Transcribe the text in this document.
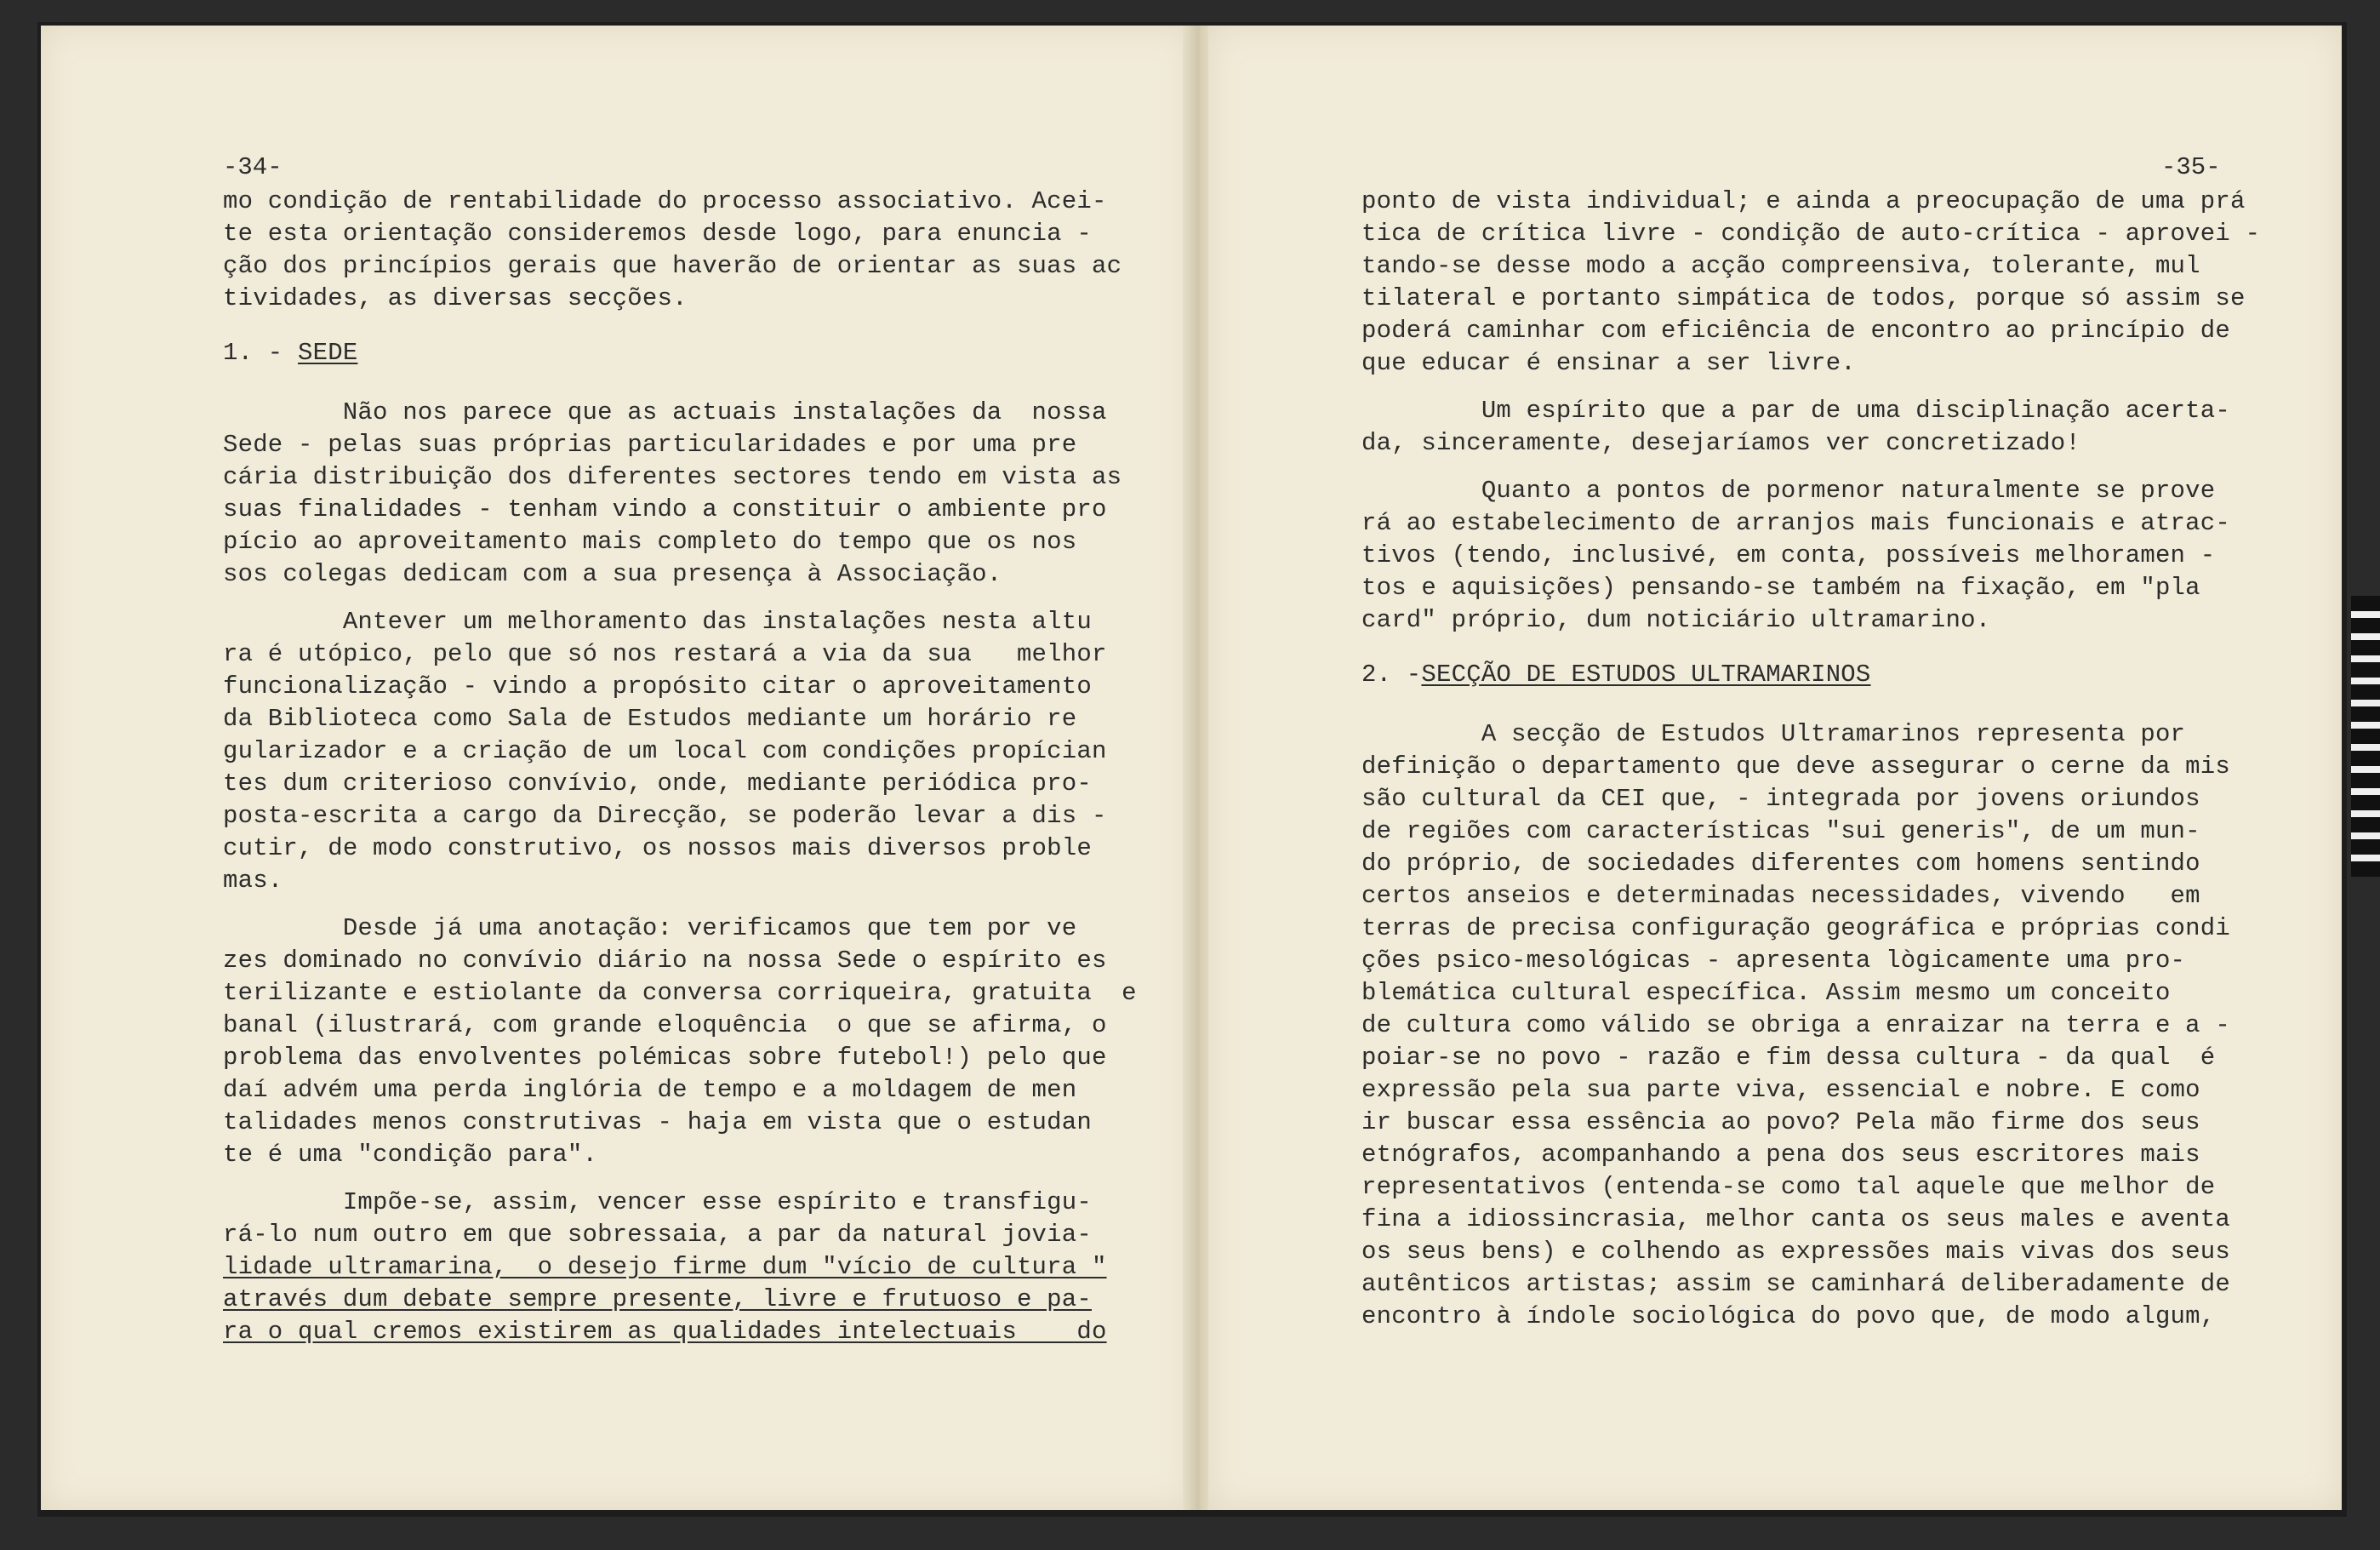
-34-
mo condição de rentabilidade do processo associativo. Acei-
te esta orientação consideremos desde logo, para enuncia -
ção dos princípios gerais que haverão de orientar as suas ac
tividades, as diversas secções.
1. - SEDE
Não nos parece que as actuais instalações da  nossa
Sede - pelas suas próprias particularidades e por uma pre
cária distribuição dos diferentes sectores tendo em vista as
suas finalidades - tenham vindo a constituir o ambiente pro
pício ao aproveitamento mais completo do tempo que os nos
sos colegas dedicam com a sua presença à Associação.
Antever um melhoramento das instalações nesta altu
ra é utópico, pelo que só nos restará a via da sua   melhor
funcionalização - vindo a propósito citar o aproveitamento
da Biblioteca como Sala de Estudos mediante um horário re
gularizador e a criação de um local com condições propícian
tes dum criterioso convívio, onde, mediante periódica pro-
posta-escrita a cargo da Direcção, se poderão levar a dis -
cutir, de modo construtivo, os nossos mais diversos proble
mas.
Desde já uma anotação: verificamos que tem por ve
zes dominado no convívio diário na nossa Sede o espírito es
terilizante e estiolante da conversa corriqueira, gratuita  e
banal (ilustrará, com grande eloquência  o que se afirma, o
problema das envolventes polémicas sobre futebol!) pelo que
daí advém uma perda inglória de tempo e a moldagem de men
talidades menos construtivas - haja em vista que o estudan
te é uma "condição para".
Impõe-se, assim, vencer esse espírito e transfigu-
rá-lo num outro em que sobressaia, a par da natural jovia-
lidade ultramarina,  o desejo firme dum "vício de cultura "
através dum debate sempre presente, livre e frutuoso e pa-
ra o qual cremos existirem as qualidades intelectuais    do
-35-
ponto de vista individual; e ainda a preocupação de uma prá
tica de crítica livre - condição de auto-crítica - aprovei -
tando-se desse modo a acção compreensiva, tolerante, mul
tilateral e portanto simpática de todos, porque só assim se
poderá caminhar com eficiência de encontro ao princípio de
que educar é ensinar a ser livre.
Um espírito que a par de uma disciplinação acerta-
da, sinceramente, desejaríamos ver concretizado!
Quanto a pontos de pormenor naturalmente se prove
rá ao estabelecimento de arranjos mais funcionais e atrac-
tivos (tendo, inclusivé, em conta, possíveis melhoramen -
tos e aquisições) pensando-se também na fixação, em "pla
card" próprio, dum noticiário ultramarino.
2. -SECÇÃO DE ESTUDOS ULTRAMARINOS
A secção de Estudos Ultramarinos representa por
definição o departamento que deve assegurar o cerne da mis
são cultural da CEI que, - integrada por jovens oriundos
de regiões com características "sui generis", de um mun-
do próprio, de sociedades diferentes com homens sentindo
certos anseios e determinadas necessidades, vivendo   em
terras de precisa configuração geográfica e próprias condi
ções psico-mesológicas - apresenta lògicamente uma pro-
blemática cultural específica. Assim mesmo um conceito
de cultura como válido se obriga a enraizar na terra e a -
poiar-se no povo - razão e fim dessa cultura - da qual  é
expressão pela sua parte viva, essencial e nobre. E como
ir buscar essa essência ao povo? Pela mão firme dos seus
etnógrafos, acompanhando a pena dos seus escritores mais
representativos (entenda-se como tal aquele que melhor de
fina a idiossincrasia, melhor canta os seus males e aventa
os seus bens) e colhendo as expressões mais vivas dos seus
autênticos artistas; assim se caminhará deliberadamente de
encontro à índole sociológica do povo que, de modo algum,
